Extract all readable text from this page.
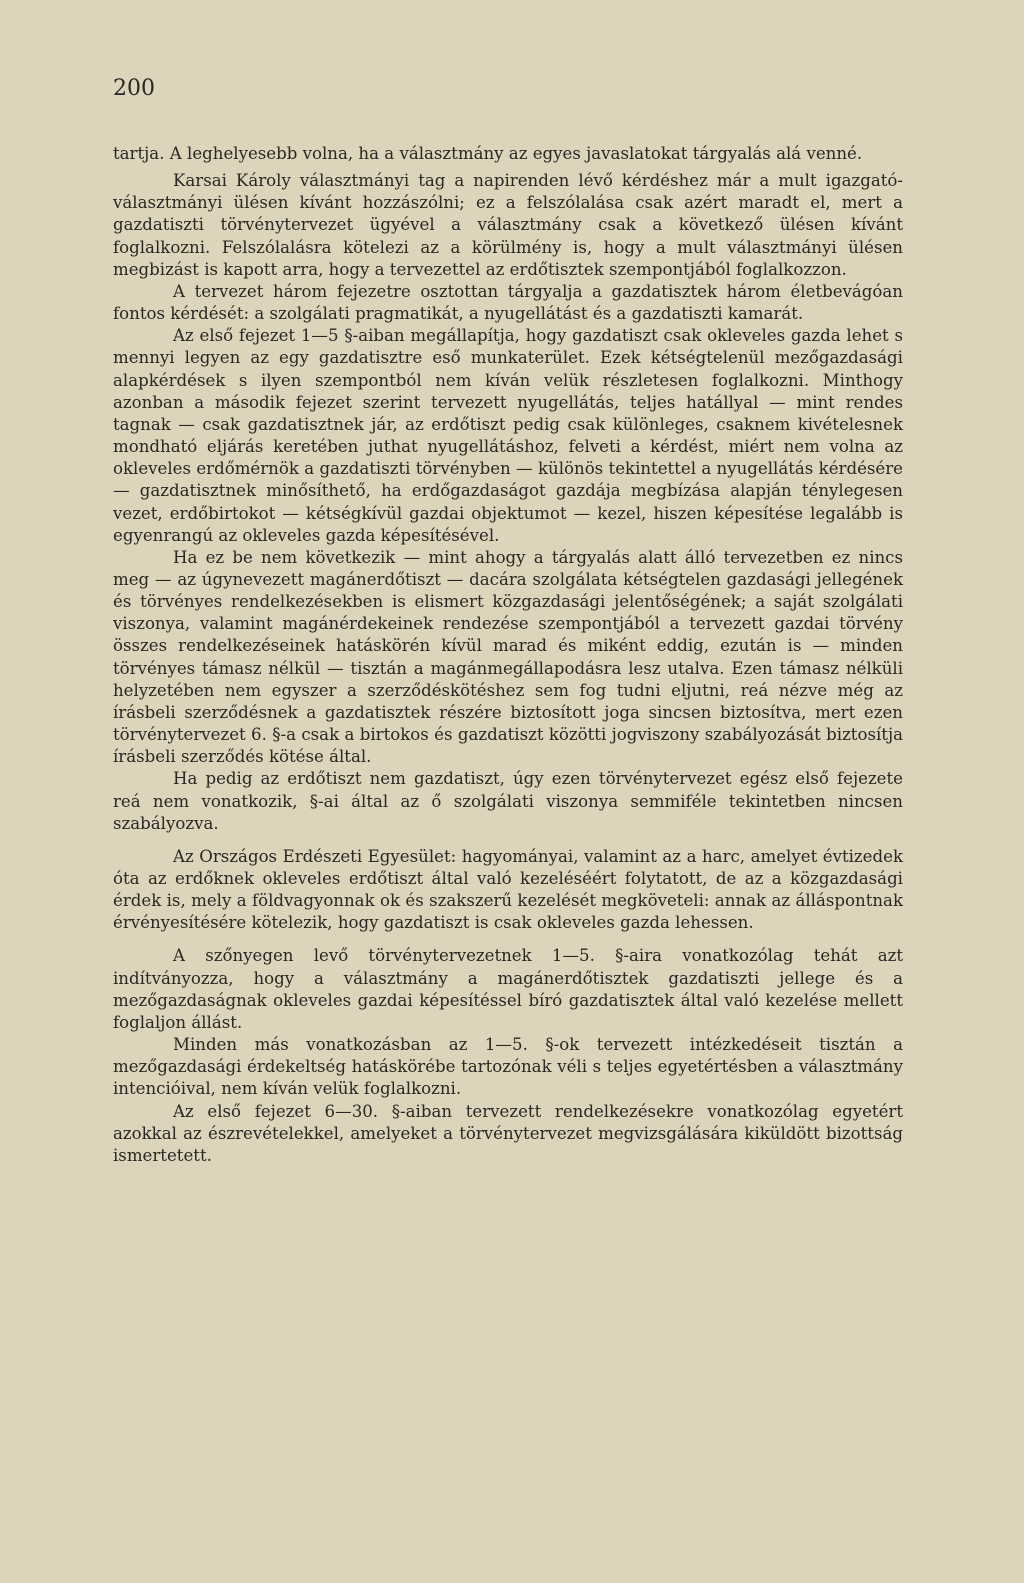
200

tartja. A leghelyesebb volna, ha a választmány az egyes javaslatokat tárgyalás alá venné.

Karsai Károly választmányi tag a napirenden lévő kérdéshez már a mult igazgató-választmányi ülésen kívánt hozzászólni; ez a felszólalása csak azért maradt el, mert a gazdatiszti törvénytervezet ügyével a választmány csak a következő ülésen kívánt foglalkozni. Felszólalásra kötelezi az a körülmény is, hogy a mult választmányi ülésen megbizást is kapott arra, hogy a tervezettel az erdőtisztek szempontjából foglalkozzon.

A tervezet három fejezetre osztottan tárgyalja a gazdatisztek három életbevágóan fontos kérdését: a szolgálati pragmatikát, a nyugellátást és a gazdatiszti kamarát.

Az első fejezet 1—5 §-aiban megállapítja, hogy gazdatiszt csak okleveles gazda lehet s mennyi legyen az egy gazdatisztre eső munkaterület. Ezek kétségtelenül mezőgazdasági alapkérdések s ilyen szempontból nem kíván velük részletesen foglalkozni. Minthogy azonban a második fejezet szerint tervezett nyugellátás, teljes hatállyal — mint rendes tagnak — csak gazdatisztnek jár, az erdőtiszt pedig csak különleges, csaknem kivételesnek mondható eljárás keretében juthat nyugellátáshoz, felveti a kérdést, miért nem volna az okleveles erdőmérnök a gazdatiszti törvényben — különös tekintettel a nyugellátás kérdésére — gazdatisztnek minősíthető, ha erdőgazdaságot gazdája megbízása alapján ténylegesen vezet, erdőbirtokot — kétségkívül gazdai objektumot — kezel, hiszen képesítése legalább is egyenrangú az okleveles gazda képesítésével.

Ha ez be nem következik — mint ahogy a tárgyalás alatt álló tervezetben ez nincs meg — az úgynevezett magánerdőtiszt — dacára szolgálata kétségtelen gazdasági jellegének és törvényes rendelkezésekben is elismert közgazdasági jelentőségének; a saját szolgálati viszonya, valamint magánérdekeinek rendezése szempontjából a tervezett gazdai törvény összes rendelkezéseinek hatáskörén kívül marad és miként eddig, ezután is — minden törvényes támasz nélkül — tisztán a magánmegállapodásra lesz utalva. Ezen támasz nélküli helyzetében nem egyszer a szerződéskötéshez sem fog tudni eljutni, reá nézve még az írásbeli szerződésnek a gazdatisztek részére biztosított joga sincsen biztosítva, mert ezen törvénytervezet 6. §-a csak a birtokos és gazdatiszt közötti jogviszony szabályozását biztosítja írásbeli szerződés kötése által.

Ha pedig az erdőtiszt nem gazdatiszt, úgy ezen törvénytervezet egész első fejezete reá nem vonatkozik, §-ai által az ő szolgálati viszonya semmiféle tekintetben nincsen szabályozva.

Az Országos Erdészeti Egyesület: hagyományai, valamint az a harc, amelyet évtizedek óta az erdőknek okleveles erdőtiszt által való kezeléséért folytatott, de az a közgazdasági érdek is, mely a földvagyonnak ok és szakszerű kezelését megköveteli: annak az álláspontnak érvényesítésére kötelezik, hogy gazdatiszt is csak okleveles gazda lehessen.

A szőnyegen levő törvénytervezetnek 1—5. §-aira vonatkozólag tehát azt indítványozza, hogy a választmány a magánerdőtisztek gazdatiszti jellege és a mezőgazdaságnak okleveles gazdai képesítéssel bíró gazdatisztek által való kezelése mellett foglaljon állást.

Minden más vonatkozásban az 1—5. §-ok tervezett intézkedéseit tisztán a mezőgazdasági érdekeltség hatáskörébe tartozónak véli s teljes egyetértésben a választmány intencióival, nem kíván velük foglalkozni.

Az első fejezet 6—30. §-aiban tervezett rendelkezésekre vonatkozólag egyetért azokkal az észrevételekkel, amelyeket a törvénytervezet megvizsgálására kiküldött bizottság ismertetett.
